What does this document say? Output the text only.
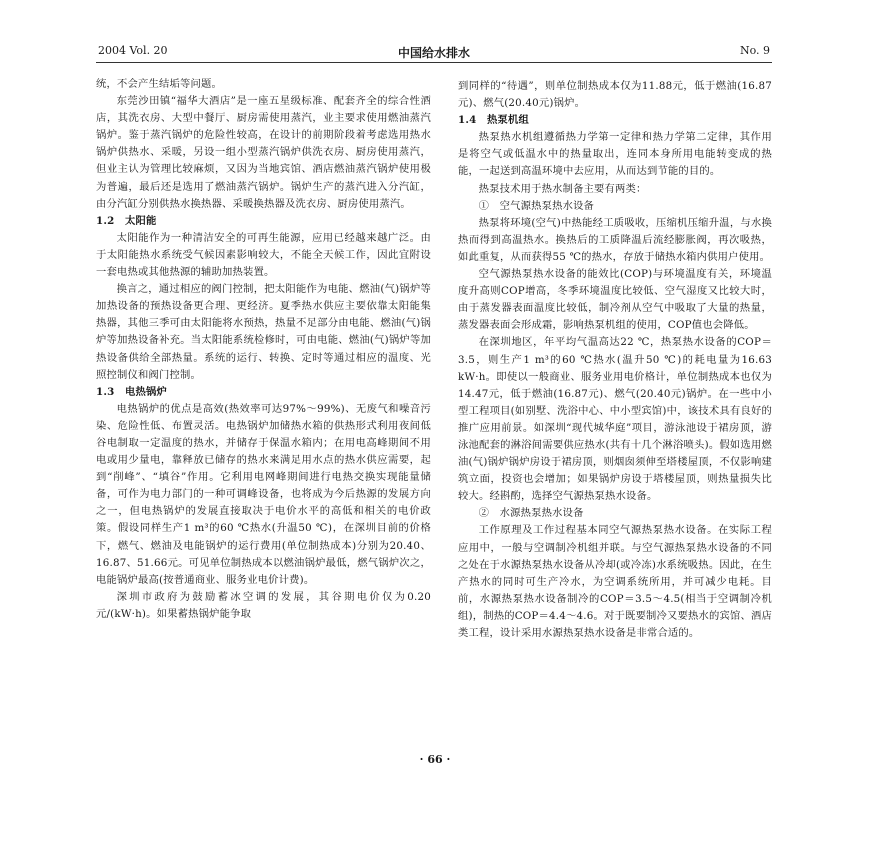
2004 Vol. 20	中国给水排水	No. 9

统，不会产生结垢等问题。

东莞沙田镇“福华大酒店”是一座五星级标准、配套齐全的综合性酒店，其洗衣房、大型中餐厅、厨房需使用蒸汽，业主要求使用燃油蒸汽锅炉。鉴于蒸汽锅炉的危险性较高，在设计的前期阶段着考虑选用热水锅炉供热水、采暖，另设一组小型蒸汽锅炉供洗衣房、厨房使用蒸汽，但业主认为管理比较麻烦，又因为当地宾馆、酒店燃油蒸汽锅炉使用极为普遍，最后还是选用了燃油蒸汽锅炉。锅炉生产的蒸汽进入分汽缸，由分汽缸分别供热水换热器、采暖换热器及洗衣房、厨房使用蒸汽。

1.2　太阳能

太阳能作为一种清洁安全的可再生能源，应用已经越来越广泛。由于太阳能热水系统受气候因素影响较大，不能全天候工作，因此宜附设一套电热或其他热源的辅助加热装置。

换言之，通过相应的阀门控制，把太阳能作为电能、燃油(气)锅炉等加热设备的预热设备更合理、更经济。夏季热水供应主要依靠太阳能集热器，其他三季可由太阳能将水预热，热量不足部分由电能、燃油(气)锅炉等加热设备补充。当太阳能系统检修时，可由电能、燃油(气)锅炉等加热设备供给全部热量。系统的运行、转换、定时等通过相应的温度、光照控制仪和阀门控制。

1.3　电热锅炉

电热锅炉的优点是高效(热效率可达97%～99%)、无废气和噪音污染、危险性低、布置灵活。电热锅炉加储热水箱的供热形式利用夜间低谷电制取一定温度的热水，并储存于保温水箱内；在用电高峰期间不用电或用少量电，靠释放已储存的热水来满足用水点的热水供应需要，起到“削峰”、“填谷”作用。它利用电网峰期间进行电热交换实现能量储备，可作为电力部门的一种可调峰设备，也将成为今后热源的发展方向之一，但电热锅炉的发展直接取决于电价水平的高低和相关的电价政策。假设同样生产1 m³的60 ℃热水(升温50 ℃)，在深圳目前的价格下，燃气、燃油及电能锅炉的运行费用(单位制热成本)分别为20.40、16.87、51.66元。可见单位制热成本以燃油锅炉最低，燃气锅炉次之，电能锅炉最高(按普通商业、服务业电价计费)。

深圳市政府为鼓励蓄冰空调的发展，其谷期电价仅为0.20元/(kW·h)。如果蓄热锅炉能争取

到同样的“待遇”，则单位制热成本仅为11.88元，低于燃油(16.87元)、燃气(20.40元)锅炉。

1.4　热泵机组

热泵热水机组遵循热力学第一定律和热力学第二定律，其作用是将空气或低温水中的热量取出，连同本身所用电能转变成的热能，一起送到高温环境中去应用，从而达到节能的目的。

热泵技术用于热水制备主要有两类：

①　空气源热泵热水设备

热泵将环境(空气)中热能经工质吸收，压缩机压缩升温，与水换热而得到高温热水。换热后的工质降温后流经膨胀阀，再次吸热，如此重复，从而获得55 ℃的热水，存放于储热水箱内供用户使用。

空气源热泵热水设备的能效比(COP)与环境温度有关，环境温度升高则COP增高，冬季环境温度比较低、空气湿度又比较大时，由于蒸发器表面温度比较低，制冷剂从空气中吸取了大量的热量，蒸发器表面会形成霜，影响热泵机组的使用，COP值也会降低。

在深圳地区，年平均气温高达22 ℃，热泵热水设备的COP＝3.5，则生产1 m³的60 ℃热水(温升50 ℃)的耗电量为16.63 kW·h。即使以一般商业、服务业用电价格计，单位制热成本也仅为14.47元，低于燃油(16.87元)、燃气(20.40元)锅炉。在一些中小型工程项目(如别墅、洗浴中心、中小型宾馆)中，该技术具有良好的推广应用前景。如深圳“现代城华庭”项目，游泳池设于裙房顶，游泳池配套的淋浴间需要供应热水(共有十几个淋浴喷头)。假如选用燃油(气)锅炉锅炉房设于裙房顶，则烟囱须伸至塔楼屋顶，不仅影响建筑立面，投资也会增加；如果锅炉房设于塔楼屋顶，则热量损失比较大。经斟酌，选择空气源热泵热水设备。

②　水源热泵热水设备

工作原理及工作过程基本同空气源热泵热水设备。在实际工程应用中，一般与空调制冷机组并联。与空气源热泵热水设备的不同之处在于水源热泵热水设备从冷却(或冷冻)水系统吸热。因此，在生产热水的同时可生产冷水，为空调系统所用，并可减少电耗。目前，水源热泵热水设备制冷的COP＝3.5～4.5(相当于空调制冷机组)，制热的COP＝4.4～4.6。对于既要制冷又要热水的宾馆、酒店类工程，设计采用水源热泵热水设备是非常合适的。

· 66 ·
